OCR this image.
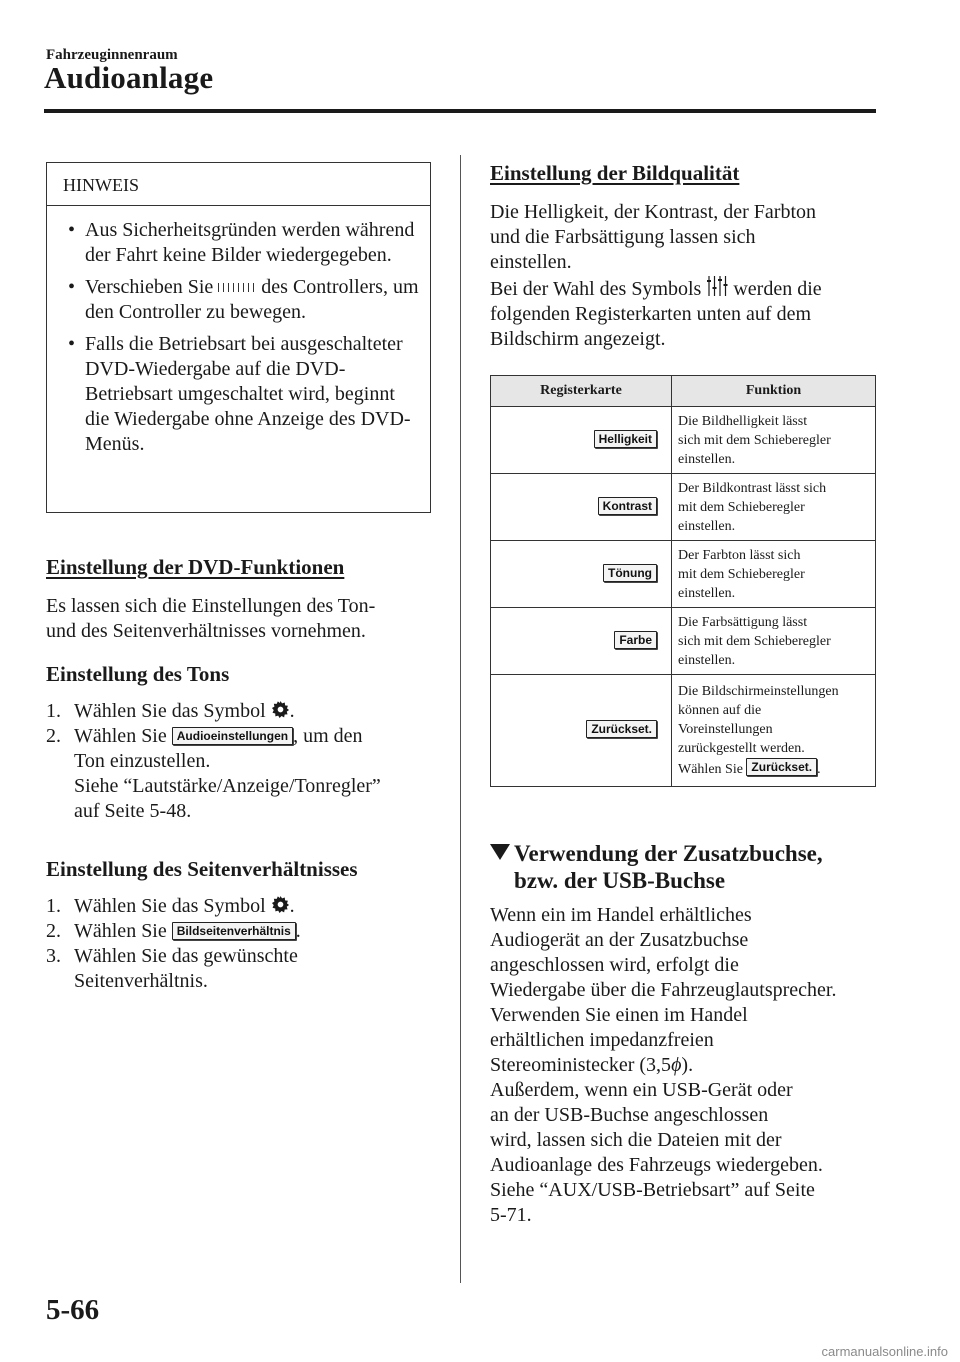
Fahrzeuginnenraum
Audioanlage
HINWEIS
• Aus Sicherheitsgründen werden während der Fahrt keine Bilder wiedergegeben.
• Verschieben Sie des Controllers, um den Controller zu bewegen.
• Falls die Betriebsart bei ausgeschalteter DVD-Wiedergabe auf die DVD-Betriebsart umgeschaltet wird, beginnt die Wiedergabe ohne Anzeige des DVD-Menüs.
Einstellung der DVD-Funktionen
Es lassen sich die Einstellungen des Ton-
und des Seitenverhältnisses vornehmen.
Einstellung des Tons
1. Wählen Sie das Symbol .
2. Wählen Sie Audioeinstellungen , um den
Ton einzustellen.
Siehe “Lautstärke/Anzeige/Tonregler”
auf Seite 5-48.
Einstellung des Seitenverhältnisses
1. Wählen Sie das Symbol .
2. Wählen Sie Bildseitenverhältnis .
3. Wählen Sie das gewünschte
Seitenverhältnis.
Einstellung der Bildqualität
Die Helligkeit, der Kontrast, der Farbton
und die Farbsättigung lassen sich
einstellen.
Bei der Wahl des Symbols werden die
folgenden Registerkarten unten auf dem
Bildschirm angezeigt.
Registerkarte	Funktion
Helligkeit	Die Bildhelligkeit lässt
sich mit dem Schieberegler
einstellen.

Kontrast	Der Bildkontrast lässt sich
mit dem Schieberegler
einstellen.

Tönung	Der Farbton lässt sich
mit dem Schieberegler
einstellen.

Farbe	Die Farbsättigung lässt
sich mit dem Schieberegler
einstellen.

Zurückset.	Die Bildschirmeinstellungen
können auf die
Voreinstellungen
zurückgestellt werden.
Wählen Sie Zurückset. .
Verwendung der Zusatzbuchse,
bzw. der USB-Buchse
Wenn ein im Handel erhältliches
Audiogerät an der Zusatzbuchse
angeschlossen wird, erfolgt die
Wiedergabe über die Fahrzeuglautsprecher.
Verwenden Sie einen im Handel
erhältlichen impedanzfreien
Stereoministecker (3,5ϕ).
Außerdem, wenn ein USB-Gerät oder
an der USB-Buchse angeschlossen
wird, lassen sich die Dateien mit der
Audioanlage des Fahrzeugs wiedergeben.
Siehe “AUX/USB-Betriebsart” auf Seite
5-71.
5-66
carmanualsonline.info
